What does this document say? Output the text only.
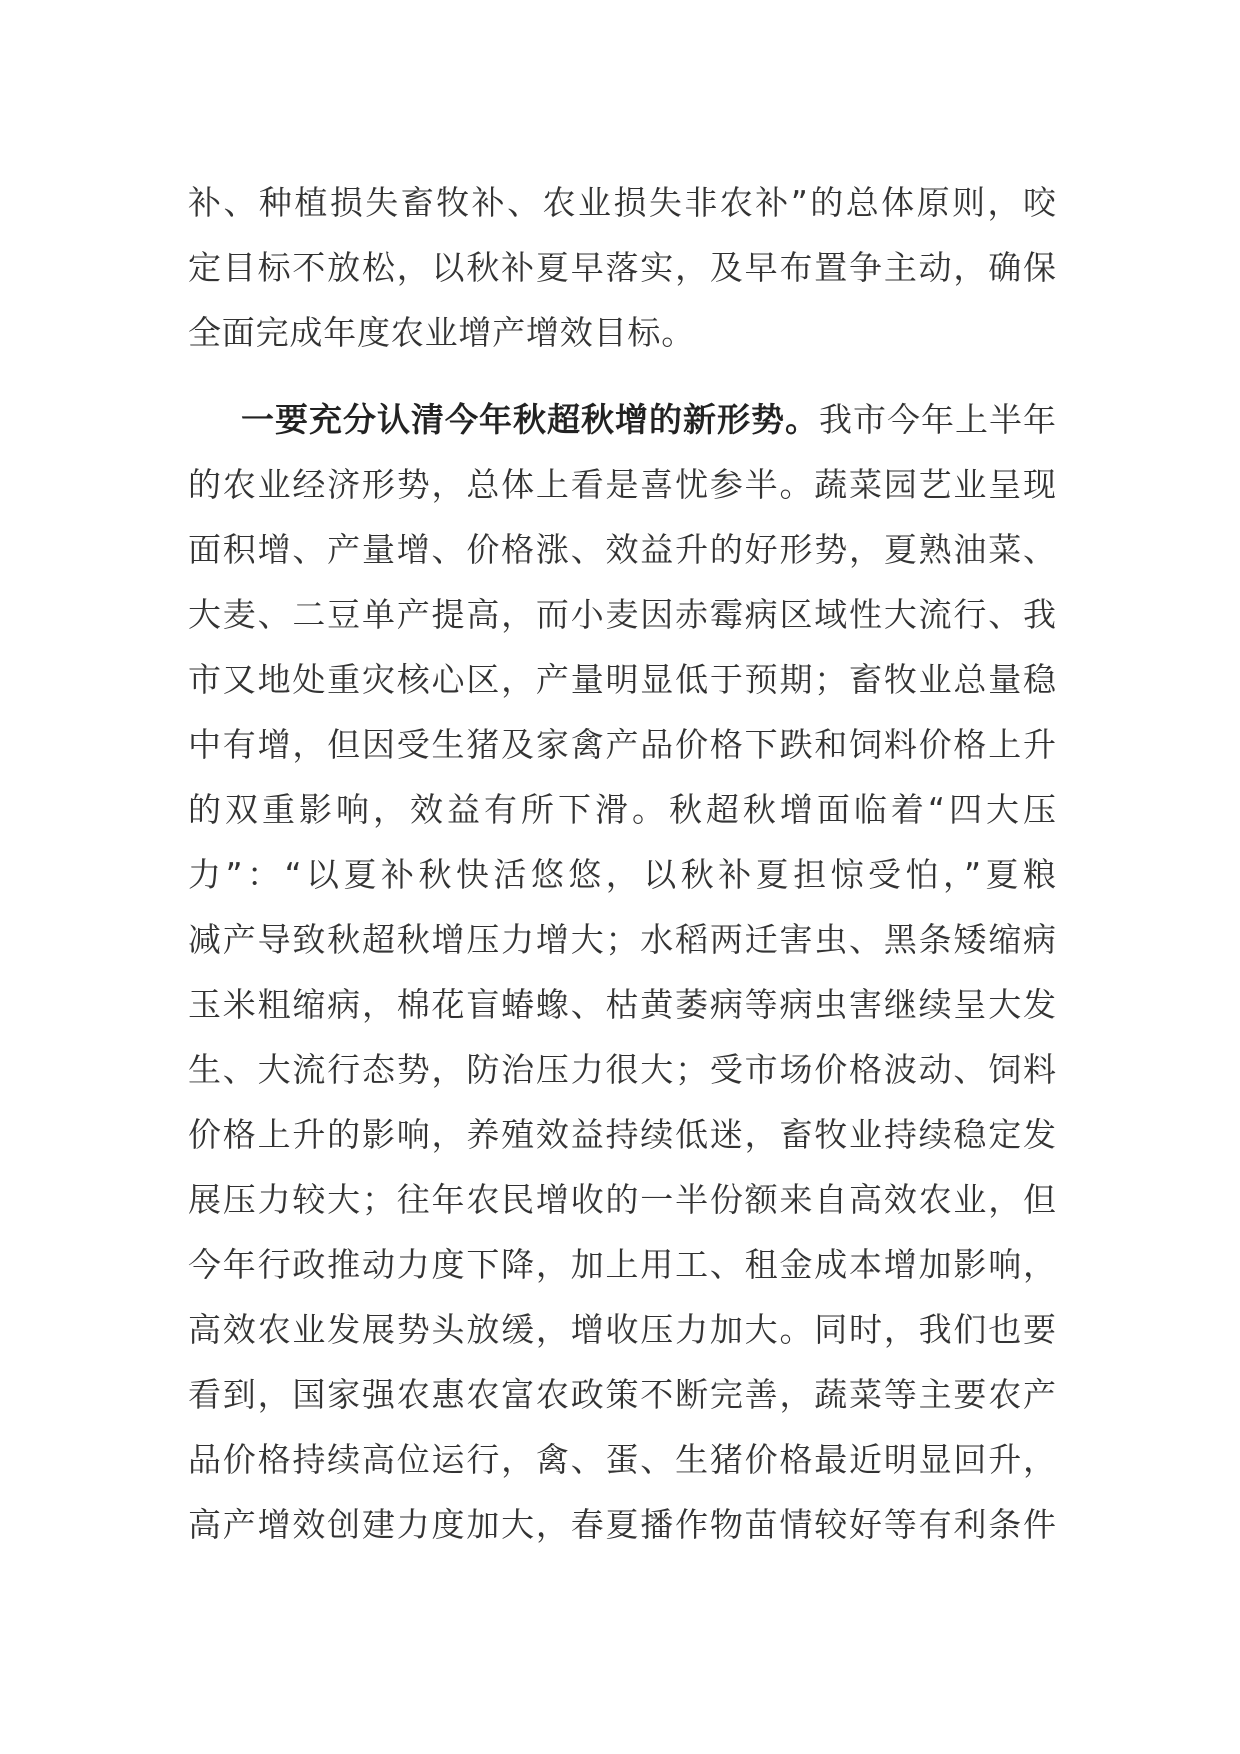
补、种植损失畜牧补、农业损失非农补”的总体原则，咬
定目标不放松，以秋补夏早落实，及早布置争主动，确保
全面完成年度农业增产增效目标。
一要充分认清今年秋超秋增的新形势。我市今年上半年
的农业经济形势，总体上看是喜忧参半。蔬菜园艺业呈现
面积增、产量增、价格涨、效益升的好形势，夏熟油菜、
大麦、二豆单产提高，而小麦因赤霉病区域性大流行、我
市又地处重灾核心区，产量明显低于预期；畜牧业总量稳
中有增，但因受生猪及家禽产品价格下跌和饲料价格上升
的双重影响，效益有所下滑。秋超秋增面临着“四大压
力”：“以夏补秋快活悠悠，以秋补夏担惊受怕，”夏粮
减产导致秋超秋增压力增大；水稻两迁害虫、黑条矮缩病
玉米粗缩病，棉花盲蝽蟓、枯黄萎病等病虫害继续呈大发
生、大流行态势，防治压力很大；受市场价格波动、饲料
价格上升的影响，养殖效益持续低迷，畜牧业持续稳定发
展压力较大；往年农民增收的一半份额来自高效农业，但
今年行政推动力度下降，加上用工、租金成本增加影响，
高效农业发展势头放缓，增收压力加大。同时，我们也要
看到，国家强农惠农富农政策不断完善，蔬菜等主要农产
品价格持续高位运行，禽、蛋、生猪价格最近明显回升，
高产增效创建力度加大，春夏播作物苗情较好等有利条件
